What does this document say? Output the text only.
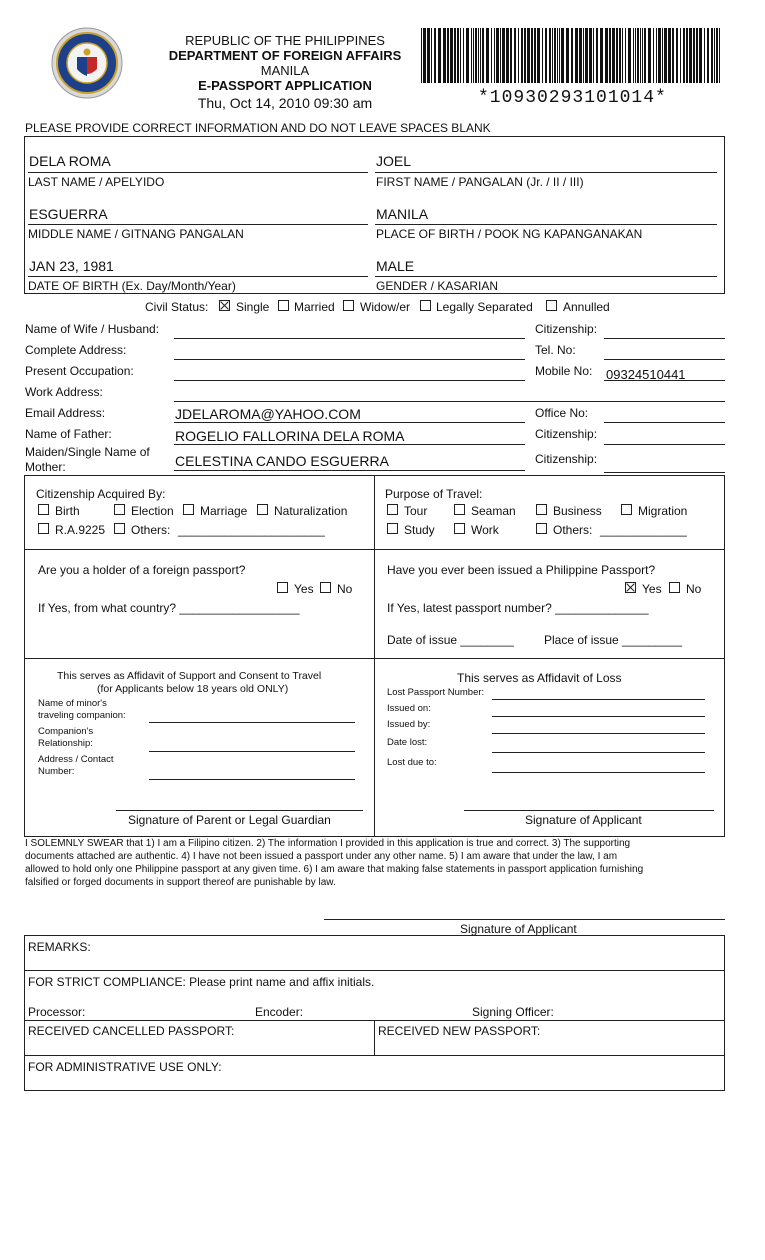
REPUBLIC OF THE PHILIPPINES
DEPARTMENT OF FOREIGN AFFAIRS
MANILA
E-PASSPORT APPLICATION
Thu, Oct 14, 2010 09:30 am	*10930293101014*
PLEASE PROVIDE CORRECT INFORMATION AND DO NOT LEAVE SPACES BLANK
DELA ROMA
LAST NAME / APELYIDO
JOEL
FIRST NAME / PANGALAN (Jr. / II / III)
ESGUERRA
MIDDLE NAME / GITNANG PANGALAN
MANILA
PLACE OF BIRTH / POOK NG KAPANGANAKAN
JAN 23, 1981
DATE OF BIRTH (Ex. Day/Month/Year)
MALE
GENDER / KASARIAN
Civil Status: Single Married Widow/er Legally Separated	Annulled
Name of Wife / Husband:	Citizenship:
Complete Address:	Tel. No:
Present Occupation:	Mobile No: 09324510441
Work Address:
Email Address:	JDELAROMA@YAHOO.COM	Office No:
Name of Father:	ROGELIO FALLORINA DELA ROMA	Citizenship:
Maiden/Single Name of
Mother:	CELESTINA CANDO ESGUERRA	Citizenship:
Citizenship Acquired By:
Birth	Election Marriage Naturalization
R.A.9225 Others: ______________________
Purpose of Travel:
Tour	Seaman	Business	Migration
Study	Work	Others: _____________
Are you a holder of a foreign passport?
Yes No
If Yes, from what country? __________________
Have you ever been issued a Philippine Passport?
Yes No
If Yes, latest passport number? ______________
Date of issue ________	Place of issue _________
This serves as Affidavit of Support and Consent to Travel
(for Applicants below 18 years old ONLY)
Name of minor's
traveling companion:
Companion's
Relationship:
Address / Contact
Number:
Signature of Parent or Legal Guardian
This serves as Affidavit of Loss
Lost Passport Number:
Issued on:
Issued by:
Date lost:
Lost due to:
Signature of Applicant
I SOLEMNLY SWEAR that 1) I am a Filipino citizen. 2) The information I provided in this application is true and correct. 3) The supporting
documents attached are authentic. 4) I have not been issued a passport under any other name. 5) I am aware that under the law, I am
allowed to hold only one Philippine passport at any given time. 6) I am aware that making false statements in passport application furnishing
falsified or forged documents in support thereof are punishable by law.
Signature of Applicant
REMARKS:
FOR STRICT COMPLIANCE: Please print name and affix initials.
Processor:	Encoder:	Signing Officer:
RECEIVED CANCELLED PASSPORT:	RECEIVED NEW PASSPORT:
FOR ADMINISTRATIVE USE ONLY:
